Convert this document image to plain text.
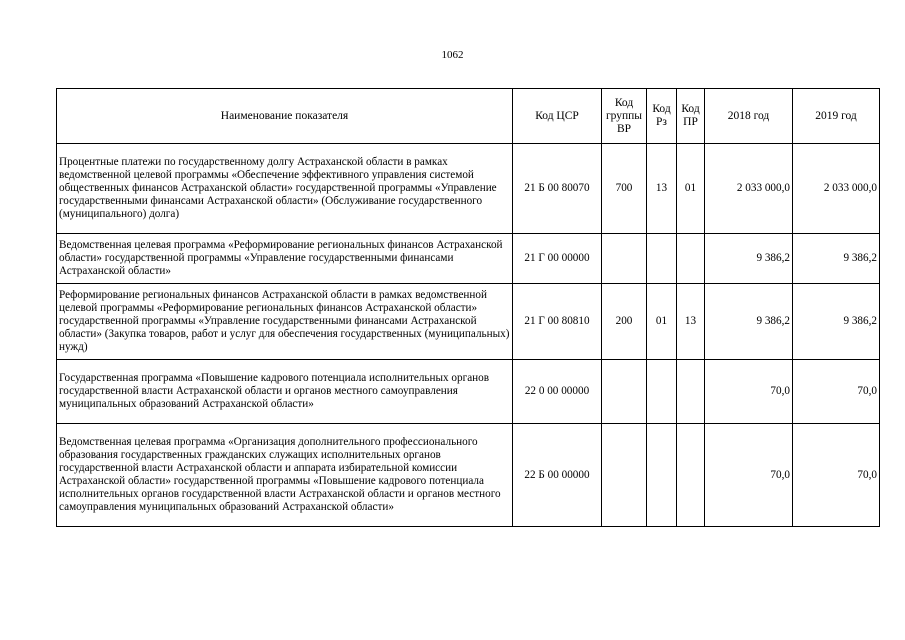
1062
Наименование показателя	Код ЦСР	Код группы ВР	Код Рз	Код ПР	2018 год	2019 год
Процентные платежи по государственному долгу Астраханской области в рамках ведомственной целевой программы «Обеспечение эффективного управления системой общественных финансов Астраханской области» государственной программы «Управление государственными финансами Астраханской области» (Обслуживание государственного (муниципального) долга)	21 Б 00 80070	700	13	01	2 033 000,0	2 033 000,0
Ведомственная целевая программа «Реформирование региональных финансов Астраханской области» государственной программы «Управление государственными финансами Астраханской области»	21 Г 00 00000				9 386,2	9 386,2
Реформирование региональных финансов Астраханской области в рамках ведомственной целевой программы «Реформирование региональных финансов Астраханской области» государственной программы «Управление государственными финансами Астраханской области» (Закупка товаров, работ и услуг для обеспечения государственных (муниципальных) нужд)	21 Г 00 80810	200	01	13	9 386,2	9 386,2
Государственная программа «Повышение кадрового потенциала исполнительных органов государственной власти Астраханской области и органов местного самоуправления муниципальных образований Астраханской области»	22 0 00 00000				70,0	70,0
Ведомственная целевая программа «Организация дополнительного профессионального образования государственных гражданских служащих исполнительных органов государственной власти Астраханской области и аппарата избирательной комиссии Астраханской области» государственной программы «Повышение кадрового потенциала исполнительных органов государственной власти Астраханской области и органов местного самоуправления муниципальных образований Астраханской области»	22 Б 00 00000				70,0	70,0
